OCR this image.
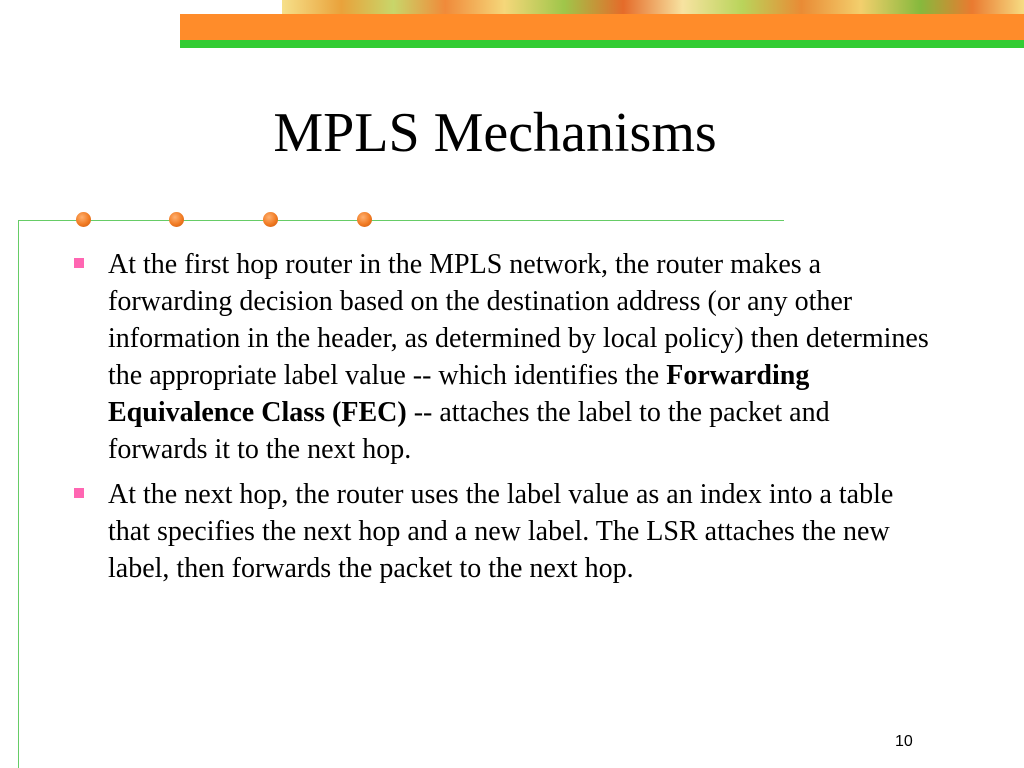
MPLS Mechanisms
At the first hop router in the MPLS network, the router makes a forwarding decision based on the destination address (or any other information in the header, as determined by local policy) then determines the appropriate label value -- which identifies the Forwarding Equivalence Class (FEC) -- attaches the label to the packet and forwards it to the next hop.
At the next hop, the router uses the label value as an index into a table that specifies the next hop and a new label. The LSR attaches the new label, then forwards the packet to the next hop.
10
